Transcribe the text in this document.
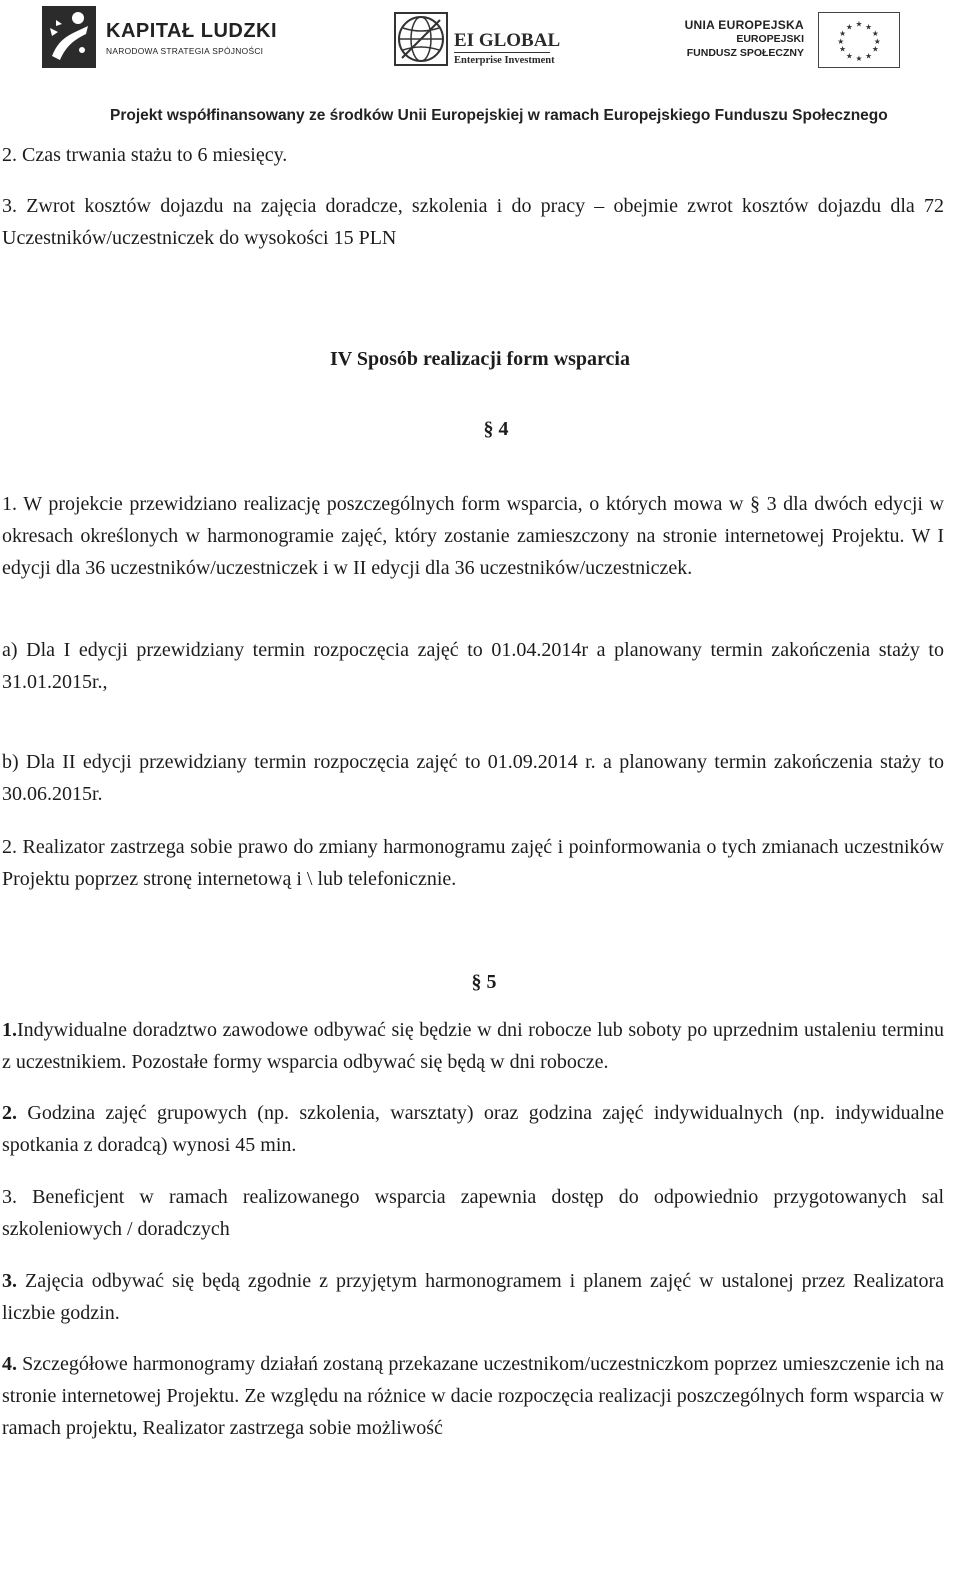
KAPITAŁ LUDZKI
NARODOWA STRATEGIA SPÓJNOŚCI	EI GLOBAL
Enterprise Investment
UNIA EUROPEJSKA
EUROPEJSKI
FUNDUSZ SPOŁECZNY
★ ★
★
★
★
★
★
★
★
★
★
★
Projekt współfinansowany ze środków Unii Europejskiej w ramach Europejskiego Funduszu Społecznego

2. Czas trwania stażu to 6 miesięcy.

3. Zwrot kosztów dojazdu na zajęcia doradcze, szkolenia i do pracy – obejmie zwrot kosztów dojazdu dla 72 Uczestników/uczestniczek do wysokości 15 PLN

IV Sposób realizacji form wsparcia

§ 4

1. W projekcie przewidziano realizację poszczególnych form wsparcia, o których mowa w § 3 dla dwóch edycji w okresach określonych w harmonogramie zajęć, który zostanie zamieszczony na stronie internetowej Projektu. W I edycji dla 36 uczestników/uczestniczek i w II edycji dla 36 uczestników/uczestniczek.

a) Dla I edycji przewidziany termin rozpoczęcia zajęć to 01.04.2014r a planowany termin zakończenia staży to 31.01.2015r.,

b) Dla II edycji przewidziany termin rozpoczęcia zajęć to 01.09.2014 r. a planowany termin zakończenia staży to 30.06.2015r.

2. Realizator zastrzega sobie prawo do zmiany harmonogramu zajęć i poinformowania o tych zmianach uczestników Projektu poprzez stronę internetową i \ lub telefonicznie.

§ 5

1.Indywidualne doradztwo zawodowe odbywać się będzie w dni robocze lub soboty po uprzednim ustaleniu terminu z uczestnikiem. Pozostałe formy wsparcia odbywać się będą w dni robocze.

2. Godzina zajęć grupowych (np. szkolenia, warsztaty) oraz godzina zajęć indywidualnych (np. indywidualne spotkania z doradcą) wynosi 45 min.

3. Beneficjent w ramach realizowanego wsparcia zapewnia dostęp do odpowiednio przygotowanych sal szkoleniowych / doradczych

3. Zajęcia odbywać się będą zgodnie z przyjętym harmonogramem i planem zajęć w ustalonej przez Realizatora liczbie godzin.

4. Szczegółowe harmonogramy działań zostaną przekazane uczestnikom/uczestniczkom poprzez umieszczenie ich na stronie internetowej Projektu. Ze względu na różnice w dacie rozpoczęcia realizacji poszczególnych form wsparcia w ramach projektu, Realizator zastrzega sobie możliwość
